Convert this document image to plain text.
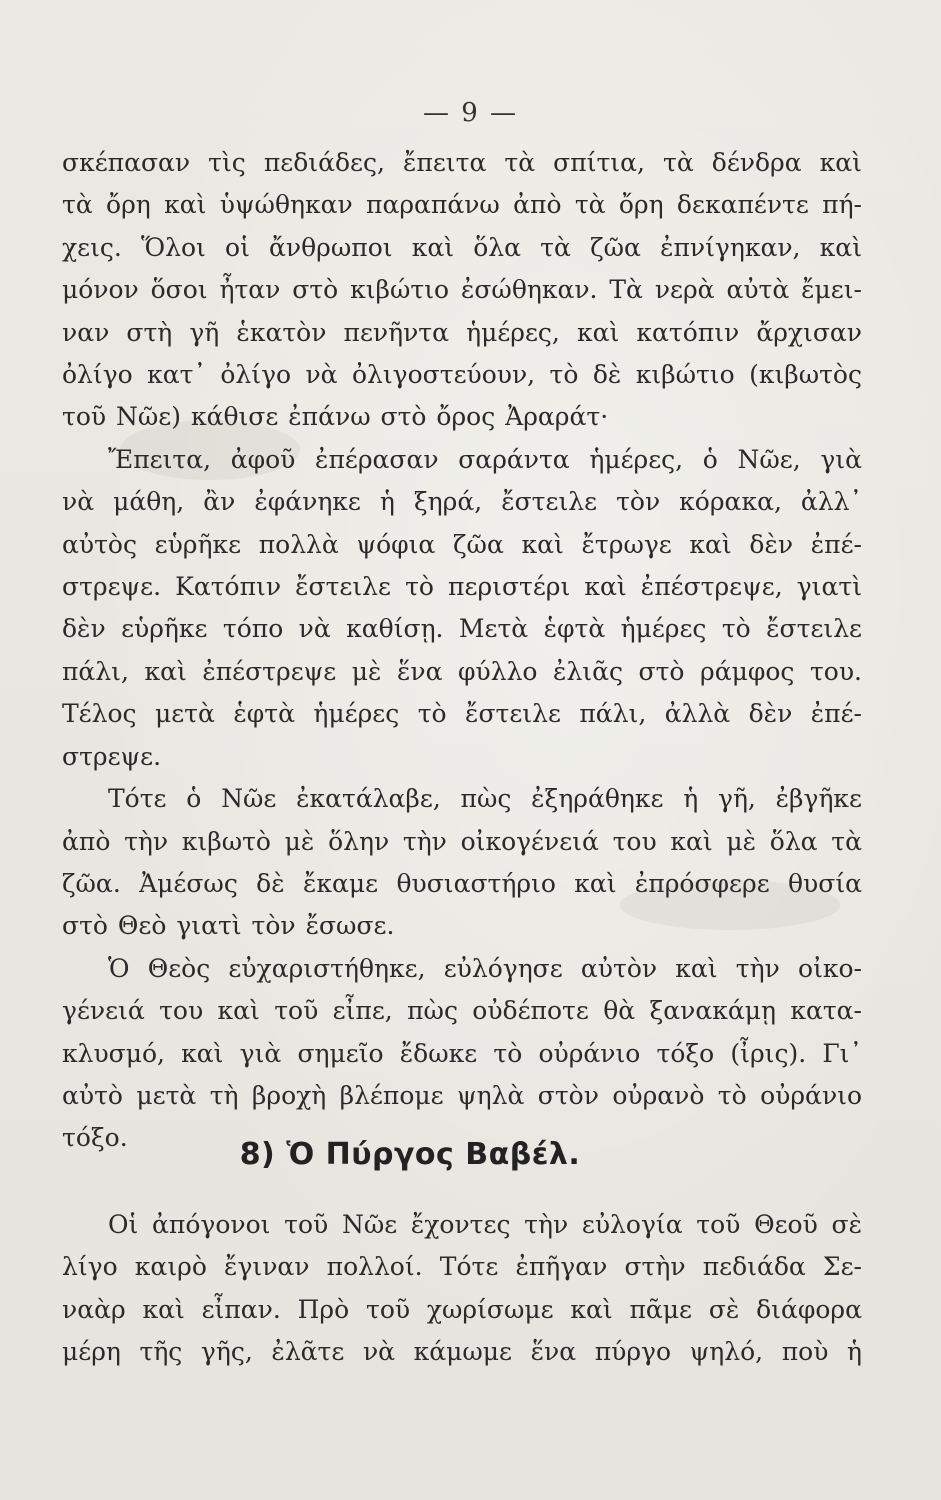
— 9 —

σκέπασαν τὶς πεδιάδες, ἔπειτα τὰ σπίτια, τὰ δένδρα καὶ
τὰ ὄρη καὶ ὑψώθηκαν παραπάνω ἀπὸ τὰ ὄρη δεκαπέντε πή-
χεις. Ὅλοι οἱ ἄνθρωποι καὶ ὅλα τὰ ζῶα ἐπνίγηκαν, καὶ
μόνον ὅσοι ἦταν στὸ κιβώτιο ἐσώθηκαν. Τὰ νερὰ αὐτὰ ἔμει-
ναν στὴ γῆ ἑκατὸν πενῆντα ἡμέρες, καὶ κατόπιν ἄρχισαν
ὀλίγο κατ᾽ ὀλίγο νὰ ὀλιγοστεύουν, τὸ δὲ κιβώτιο (κιβωτὸς
τοῦ Νῶε) κάθισε ἐπάνω στὸ ὄρος Ἀραράτ·

Ἔπειτα, ἀφοῦ ἐπέρασαν σαράντα ἡμέρες, ὁ Νῶε, γιὰ
νὰ μάθη, ἂν ἐφάνηκε ἡ ξηρά, ἔστειλε τὸν κόρακα, ἀλλ᾽
αὐτὸς εὑρῆκε πολλὰ ψόφια ζῶα καὶ ἔτρωγε καὶ δὲν ἐπέ-
στρεψε. Κατόπιν ἔστειλε τὸ περιστέρι καὶ ἐπέστρεψε, γιατὶ
δὲν εὑρῆκε τόπο νὰ καθίσῃ. Μετὰ ἑφτὰ ἡμέρες τὸ ἔστειλε
πάλι, καὶ ἐπέστρεψε μὲ ἕνα φύλλο ἐλιᾶς στὸ ράμφος του.
Τέλος μετὰ ἑφτὰ ἡμέρες τὸ ἔστειλε πάλι, ἀλλὰ δὲν ἐπέ-
στρεψε.

Τότε ὁ Νῶε ἐκατάλαβε, πὼς ἐξηράθηκε ἡ γῆ, ἐβγῆκε
ἀπὸ τὴν κιβωτὸ μὲ ὅλην τὴν οἰκογένειά του καὶ μὲ ὅλα τὰ
ζῶα. Ἀμέσως δὲ ἔκαμε θυσιαστήριο καὶ ἐπρόσφερε θυσία
στὸ Θεὸ γιατὶ τὸν ἔσωσε.

Ὁ Θεὸς εὐχαριστήθηκε, εὐλόγησε αὐτὸν καὶ τὴν οἰκο-
γένειά του καὶ τοῦ εἶπε, πὼς οὐδέποτε θὰ ξανακάμῃ κατα-
κλυσμό, καὶ γιὰ σημεῖο ἔδωκε τὸ οὐράνιο τόξο (ἶρις). Γι᾽
αὐτὸ μετὰ τὴ βροχὴ βλέπομε ψηλὰ στὸν οὐρανὸ τὸ οὐράνιο
τόξο.	8) Ὁ Πύργος Βαβέλ.

Οἱ ἀπόγονοι τοῦ Νῶε ἔχοντες τὴν εὐλογία τοῦ Θεοῦ σὲ
λίγο καιρὸ ἔγιναν πολλοί. Τότε ἐπῆγαν στὴν πεδιάδα Σε-
ναὰρ καὶ εἶπαν. Πρὸ τοῦ χωρίσωμε καὶ πᾶμε σὲ διάφορα
μέρη τῆς γῆς, ἐλᾶτε νὰ κάμωμε ἕνα πύργο ψηλό, ποὺ ἡ
